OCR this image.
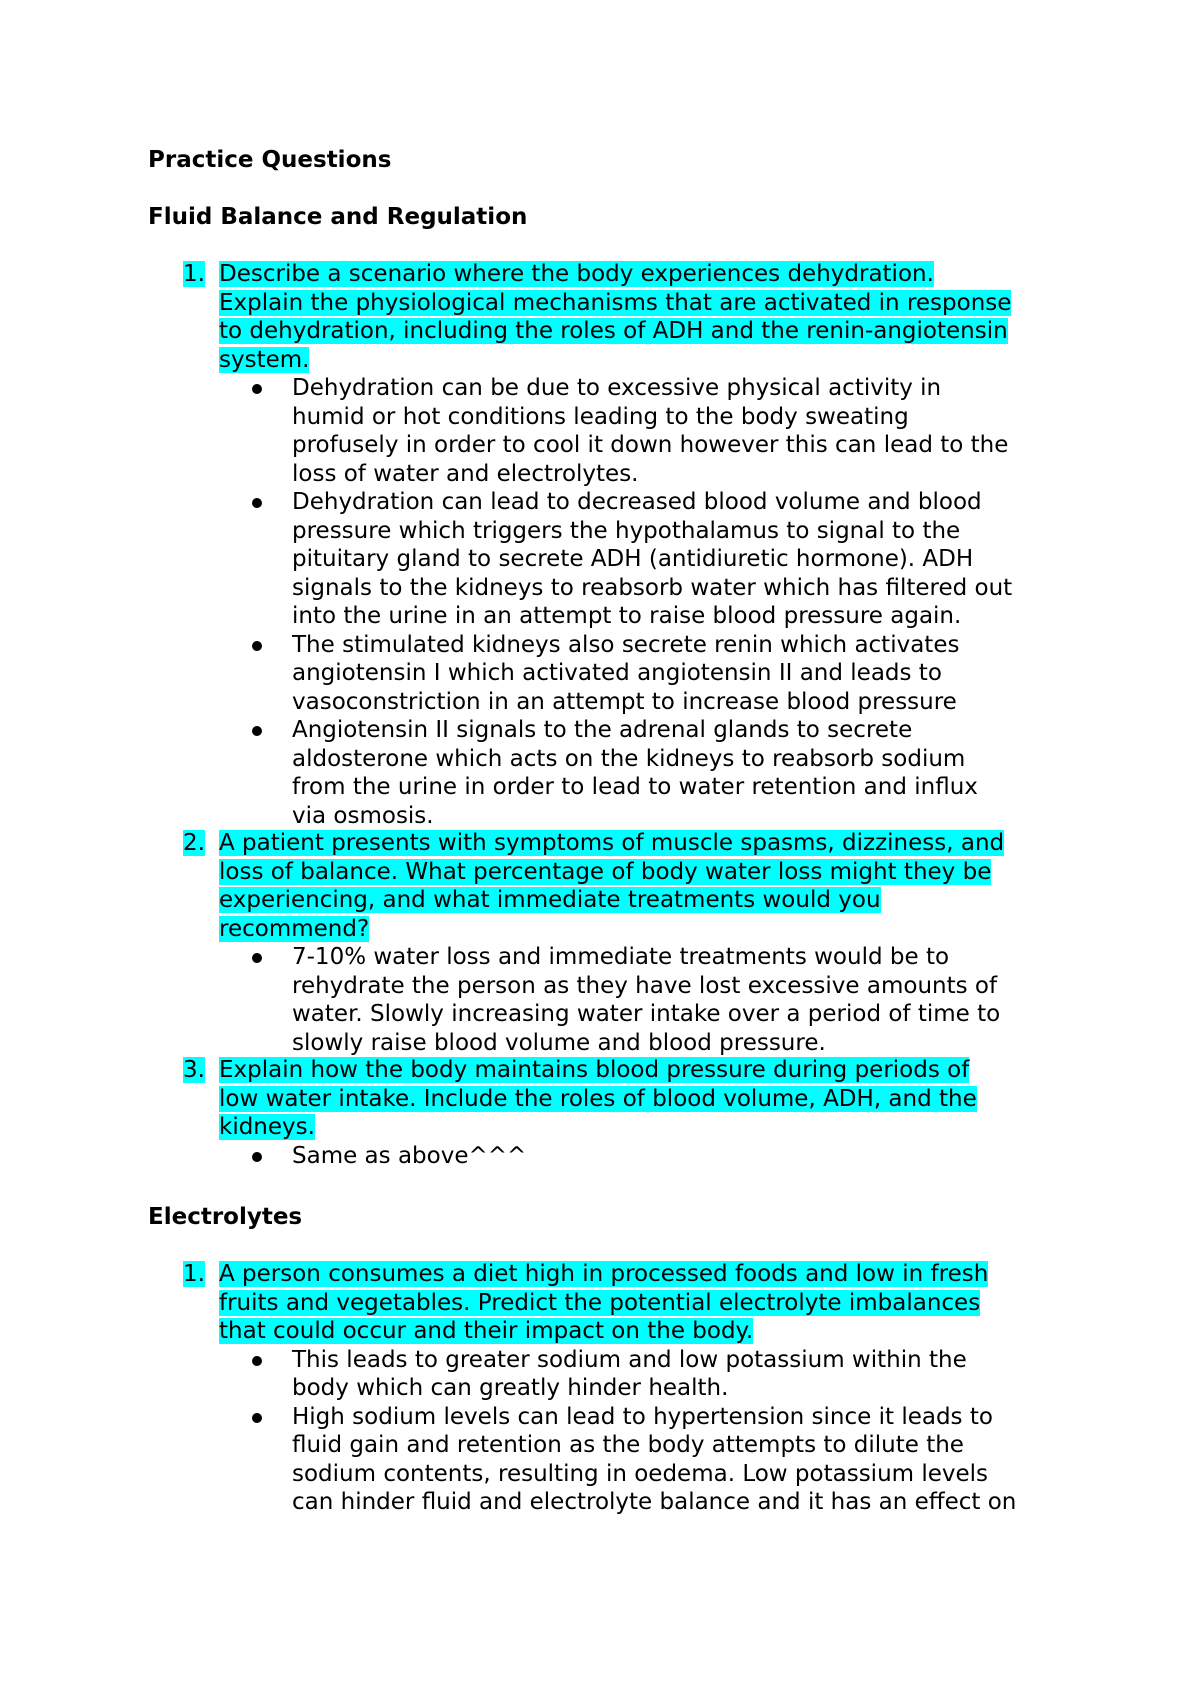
Practice Questions
Fluid Balance and Regulation
1. Describe a scenario where the body experiences dehydration.
Explain the physiological mechanisms that are activated in response
to dehydration, including the roles of ADH and the renin-angiotensin
system.
Dehydration can be due to excessive physical activity in
humid or hot conditions leading to the body sweating
profusely in order to cool it down however this can lead to the
loss of water and electrolytes.
Dehydration can lead to decreased blood volume and blood
pressure which triggers the hypothalamus to signal to the
pituitary gland to secrete ADH (antidiuretic hormone). ADH
signals to the kidneys to reabsorb water which has filtered out
into the urine in an attempt to raise blood pressure again.
The stimulated kidneys also secrete renin which activates
angiotensin I which activated angiotensin II and leads to
vasoconstriction in an attempt to increase blood pressure
Angiotensin II signals to the adrenal glands to secrete
aldosterone which acts on the kidneys to reabsorb sodium
from the urine in order to lead to water retention and influx
via osmosis.
2. A patient presents with symptoms of muscle spasms, dizziness, and
loss of balance. What percentage of body water loss might they be
experiencing, and what immediate treatments would you
recommend?
7-10% water loss and immediate treatments would be to
rehydrate the person as they have lost excessive amounts of
water. Slowly increasing water intake over a period of time to
slowly raise blood volume and blood pressure.
3. Explain how the body maintains blood pressure during periods of
low water intake. Include the roles of blood volume, ADH, and the
kidneys.
Same as above^^^
Electrolytes
1. A person consumes a diet high in processed foods and low in fresh
fruits and vegetables. Predict the potential electrolyte imbalances
that could occur and their impact on the body.
This leads to greater sodium and low potassium within the
body which can greatly hinder health.
High sodium levels can lead to hypertension since it leads to
fluid gain and retention as the body attempts to dilute the
sodium contents, resulting in oedema. Low potassium levels
can hinder fluid and electrolyte balance and it has an effect on
